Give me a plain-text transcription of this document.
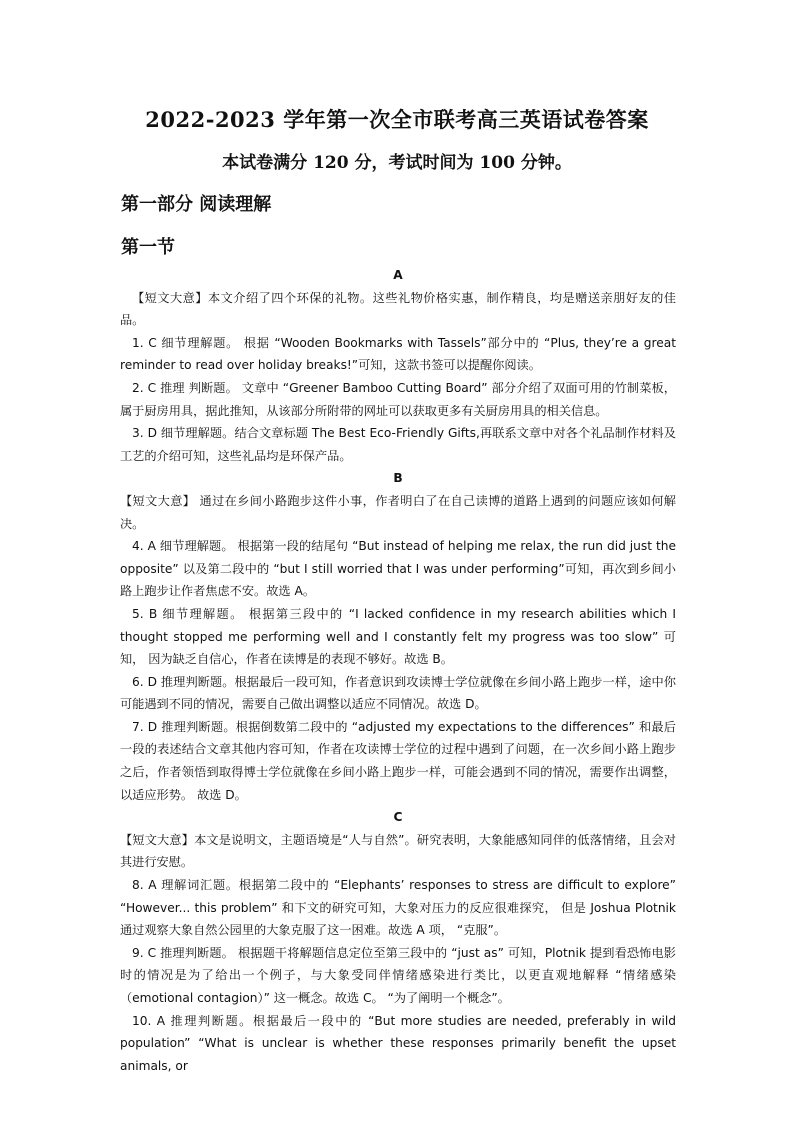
2022-2023 学年第一次全市联考高三英语试卷答案
本试卷满分 120 分，考试时间为 100 分钟。
第一部分 阅读理解
第一节

A

【短文大意】本文介绍了四个环保的礼物。这些礼物价格实惠，制作精良，均是赠送亲朋好友的佳品。

1. C 细节理解题。 根据 “Wooden Bookmarks with Tassels”部分中的 “Plus, they’re a great reminder to read over holiday breaks!”可知，这款书签可以提醒你阅读。

2. C 推理 判断题。 文章中 “Greener Bamboo Cutting Board” 部分介绍了双面可用的竹制菜板，属于厨房用具，据此推知，从该部分所附带的网址可以获取更多有关厨房用具的相关信息。

3. D 细节理解题。结合文章标题 The Best Eco-Friendly Gifts,再联系文章中对各个礼品制作材料及工艺的介绍可知，这些礼品均是环保产品。

B

【短文大意】 通过在乡间小路跑步这件小事，作者明白了在自己读博的道路上遇到的问题应该如何解决。

4. A 细节理解题。 根据第一段的结尾句 “But instead of helping me relax, the run did just the opposite” 以及第二段中的 “but I still worried that I was under performing”可知，再次到乡间小路上跑步让作者焦虑不安。故选 A。

5. B 细节理解题。 根据第三段中的 “I lacked confidence in my research abilities which I thought stopped me performing well and I constantly felt my progress was too slow” 可知， 因为缺乏自信心，作者在读博是的表现不够好。故选 B。

6. D 推理判断题。根据最后一段可知，作者意识到攻读博士学位就像在乡间小路上跑步一样，途中你可能遇到不同的情况，需要自己做出调整以适应不同情况。故选 D。

7. D 推理判断题。根据倒数第二段中的 “adjusted my expectations to the differences” 和最后一段的表述结合文章其他内容可知，作者在攻读博士学位的过程中遇到了问题，在一次乡间小路上跑步之后，作者领悟到取得博士学位就像在乡间小路上跑步一样，可能会遇到不同的情况，需要作出调整，以适应形势。 故选 D。

C

【短文大意】本文是说明文，主题语境是“人与自然”。研究表明，大象能感知同伴的低落情绪，且会对其进行安慰。

8. A 理解词汇题。根据第二段中的 “Elephants’ responses to stress are difficult to explore” “However... this problem” 和下文的研究可知，大象对压力的反应很难探究， 但是 Joshua Plotnik 通过观察大象自然公园里的大象克服了这一困难。故选 A 项， “克服”。

9. C 推理判断题。 根据题干将解题信息定位至第三段中的 “just as” 可知，Plotnik 提到看恐怖电影时的情况是为了给出一个例子，与大象受同伴情绪感染进行类比，以更直观地解释 “情绪感染（emotional contagion）” 这一概念。故选 C。 “为了阐明一个概念”。

10. A 推理判断题。根据最后一段中的 “But more studies are needed, preferably in wild population” “What is unclear is whether these responses primarily benefit the upset animals, or
